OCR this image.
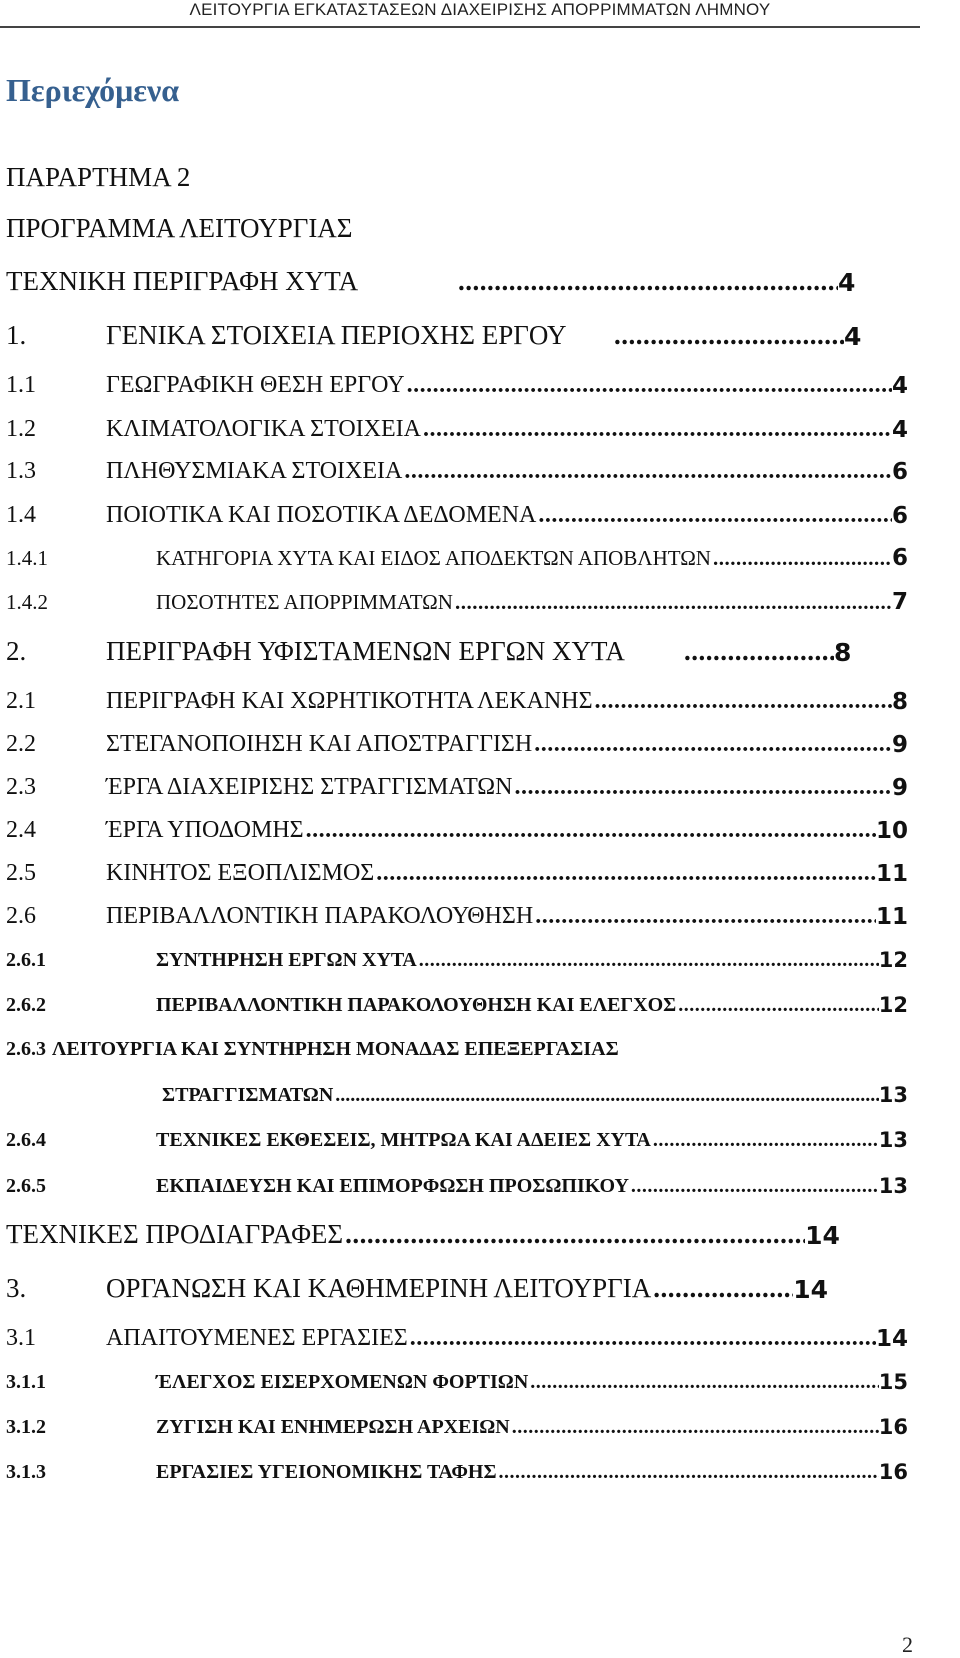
ΛΕΙΤΟΥΡΓΙΑ ΕΓΚΑΤΑΣΤΑΣΕΩΝ ΔΙΑΧΕΙΡΙΣΗΣ ΑΠΟΡΡΙΜΜΑΤΩΝ ΛΗΜΝΟΥ
Περιεχόμενα
ΠΑΡΑΡΤΗΜΑ 2
ΠΡΟΓΡΑΜΜΑ ΛΕΙΤΟΥΡΓΙΑΣ
ΤΕΧΝΙΚΗ ΠΕΡΙΓΡΑΦΗ ΧΥΤΑ .....	4
1.	ΓΕΝΙΚΑ ΣΤΟΙΧΕΙΑ ΠΕΡΙΟΧΗΣ ΕΡΓΟΥ .....	4
1.1	ΓΕΩΓΡΑΦΙΚΗ ΘΕΣΗ ΕΡΓΟΥ .....	4
1.2	ΚΛΙΜΑΤΟΛΟΓΙΚΑ ΣΤΟΙΧΕΙΑ .....	4
1.3	ΠΛΗΘΥΣΜΙΑΚΑ ΣΤΟΙΧΕΙΑ .....	6
1.4	ΠΟΙΟΤΙΚΑ ΚΑΙ ΠΟΣΟΤΙΚΑ ΔΕΔΟΜΕΝΑ .....	6
1.4.1	ΚΑΤΗΓΟΡΙΑ ΧΥΤΑ ΚΑΙ ΕΙΔΟΣ ΑΠΟΔΕΚΤΩΝ ΑΠΟΒΛΗΤΩΝ .....	6
1.4.2	ΠΟΣΟΤΗΤΕΣ ΑΠΟΡΡΙΜΜΑΤΩΝ .....	7
2.	ΠΕΡΙΓΡΑΦΗ ΥΦΙΣΤΑΜΕΝΩΝ ΕΡΓΩΝ ΧΥΤΑ .....	8
2.1	ΠΕΡΙΓΡΑΦΗ ΚΑΙ ΧΩΡΗΤΙΚΟΤΗΤΑ ΛΕΚΑΝΗΣ .....	8
2.2	ΣΤΕΓΑΝΟΠΟΙΗΣΗ ΚΑΙ ΑΠΟΣΤΡΑΓΓΙΣΗ .....	9
2.3	ΈΡΓΑ ΔΙΑΧΕΙΡΙΣΗΣ ΣΤΡΑΓΓΙΣΜΑΤΩΝ .....	9
2.4	ΈΡΓΑ ΥΠΟΔΟΜΗΣ .....	10
2.5	ΚΙΝΗΤΟΣ ΕΞΟΠΛΙΣΜΟΣ .....	11
2.6	ΠΕΡΙΒΑΛΛΟΝΤΙΚΗ ΠΑΡΑΚΟΛΟΥΘΗΣΗ .....	11
2.6.1	ΣΥΝΤΗΡΗΣΗ ΕΡΓΩΝ ΧΥΤΑ .....	12
2.6.2	ΠΕΡΙΒΑΛΛΟΝΤΙΚΗ ΠΑΡΑΚΟΛΟΥΘΗΣΗ ΚΑΙ ΕΛΕΓΧΟΣ .....	12
2.6.3 ΛΕΙΤΟΥΡΓΙΑ ΚΑΙ ΣΥΝΤΗΡΗΣΗ ΜΟΝΑΔΑΣ ΕΠΕΞΕΡΓΑΣΙΑΣ
ΣΤΡΑΓΓΙΣΜΑΤΩΝ .....	13
2.6.4	ΤΕΧΝΙΚΕΣ ΕΚΘΕΣΕΙΣ, ΜΗΤΡΩΑ ΚΑΙ ΑΔΕΙΕΣ ΧΥΤΑ .....	13
2.6.5	ΕΚΠΑΙΔΕΥΣΗ ΚΑΙ ΕΠΙΜΟΡΦΩΣΗ ΠΡΟΣΩΠΙΚΟΥ .....	13
ΤΕΧΝΙΚΕΣ ΠΡΟΔΙΑΓΡΑΦΕΣ .....	14
3.	ΟΡΓΑΝΩΣΗ ΚΑΙ ΚΑΘΗΜΕΡΙΝΗ ΛΕΙΤΟΥΡΓΙΑ .....	14
3.1	ΑΠΑΙΤΟΥΜΕΝΕΣ ΕΡΓΑΣΙΕΣ .....	14
3.1.1	ΈΛΕΓΧΟΣ ΕΙΣΕΡΧΟΜΕΝΩΝ ΦΟΡΤΙΩΝ .....	15
3.1.2	ΖΥΓΙΣΗ ΚΑΙ ΕΝΗΜΕΡΩΣΗ ΑΡΧΕΙΩΝ .....	16
3.1.3	ΕΡΓΑΣΙΕΣ ΥΓΕΙΟΝΟΜΙΚΗΣ ΤΑΦΗΣ .....	16
2
